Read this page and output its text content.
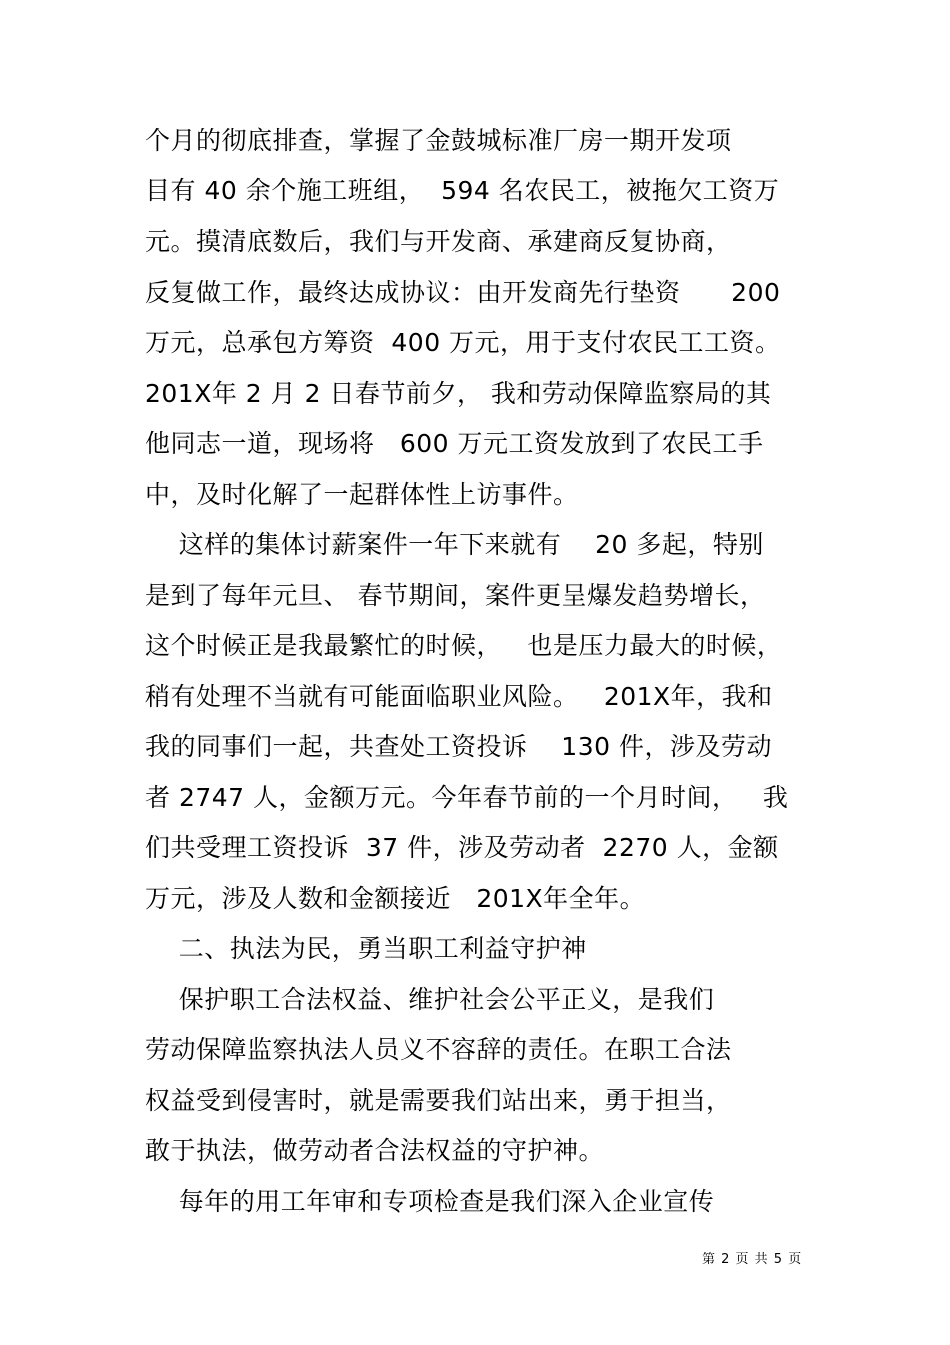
个月的彻底排查，掌握了金鼓城标准厂房一期开发项
目有 40 余个施工班组，  594 名农民工，被拖欠工资万
元。摸清底数后，我们与开发商、承建商反复协商，
反复做工作，最终达成协议：由开发商先行垫资      200
万元，总承包方筹资  400 万元，用于支付农民工工资。
201X年 2 月 2 日春节前夕， 我和劳动保障监察局的其
他同志一道，现场将   600 万元工资发放到了农民工手
中，及时化解了一起群体性上访事件。
这样的集体讨薪案件一年下来就有    20 多起，特别
是到了每年元旦、 春节期间，案件更呈爆发趋势增长，
这个时候正是我最繁忙的时候，   也是压力最大的时候，
稍有处理不当就有可能面临职业风险。   201X年，我和
我的同事们一起，共查处工资投诉    130 件，涉及劳动
者 2747 人，金额万元。今年春节前的一个月时间，   我
们共受理工资投诉  37 件，涉及劳动者  2270 人，金额
万元，涉及人数和金额接近   201X年全年。
二、执法为民，勇当职工利益守护神
保护职工合法权益、维护社会公平正义，是我们
劳动保障监察执法人员义不容辞的责任。在职工合法
权益受到侵害时，就是需要我们站出来，勇于担当，
敢于执法，做劳动者合法权益的守护神。
每年的用工年审和专项检查是我们深入企业宣传
第 2 页 共 5 页
